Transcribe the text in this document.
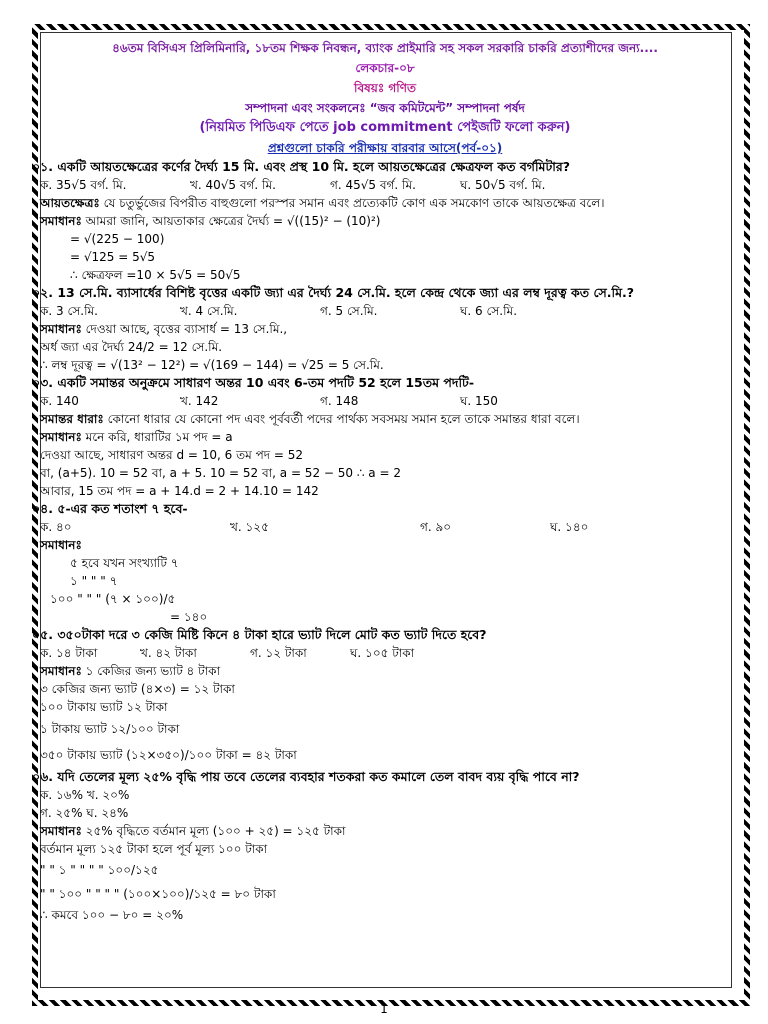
৪৬তম বিসিএস প্রিলিমিনারি, ১৮তম শিক্ষক নিবন্ধন, ব্যাংক প্রাইমারি সহ সকল সরকারি চাকরি প্রত্যাশীদের জন্য....
লেকচার-০৮
বিষয়ঃ গণিত
সম্পাদনা এবং সংকলনেঃ “জব কমিটমেন্ট” সম্পাদনা পর্ষদ
(নিয়মিত পিডিএফ পেতে job commitment পেইজটি ফলো করুন)
প্রশ্নগুলো চাকরি পরীক্ষায় বারবার আসে(পর্ব-০১)
০১. একটি আয়তক্ষেত্রের কর্ণের দৈর্ঘ্য 15 মি. এবং প্রস্থ 10 মি. হলে আয়তক্ষেত্রের ক্ষেত্রফল কত বর্গমিটার?
ক. 35√5 বর্গ. মি.	খ. 40√5 বর্গ. মি.	গ. 45√5 বর্গ. মি.	ঘ. 50√5 বর্গ. মি.
আয়তক্ষেত্রঃ যে চতুর্ভুজের বিপরীত বাহুগুলো পরস্পর সমান এবং প্রত্যেকটি কোণ এক সমকোণ তাকে আয়তক্ষেত্র বলে।
সমাধানঃ আমরা জানি, আয়তাকার ক্ষেত্রের দৈর্ঘ্য = √((15)² − (10)²)
= √(225 − 100)
= √125 = 5√5
∴ ক্ষেত্রফল =10 × 5√5 = 50√5
০২. 13 সে.মি. ব্যাসার্ধের বিশিষ্ট বৃত্তের একটি জ্যা এর দৈর্ঘ্য 24 সে.মি. হলে কেন্দ্র থেকে জ্যা এর লম্ব দূরত্ব কত সে.মি.?
ক. 3 সে.মি.	খ. 4 সে.মি.	গ. 5 সে.মি.	ঘ. 6 সে.মি.
সমাধানঃ দেওয়া আছে, বৃত্তের ব্যাসার্ধ = 13 সে.মি.,
অর্ধ জ্যা এর দৈর্ঘ্য 24/2 = 12 সে.মি.
∴ লম্ব দূরত্ব = √(13² − 12²) = √(169 − 144) = √25 = 5 সে.মি.
০৩. একটি সমান্তর অনুক্রমে সাধারণ অন্তর 10 এবং 6-তম পদটি 52 হলে 15তম পদটি-
ক. 140	খ. 142	গ. 148	ঘ. 150
সমান্তর ধারাঃ কোনো ধারার যে কোনো পদ এবং পূর্ববর্তী পদের পার্থক্য সবসময় সমান হলে তাকে সমান্তর ধারা বলে।
সমাধানঃ মনে করি, ধারাটির ১ম পদ = a
দেওয়া আছে, সাধারণ অন্তর d = 10, 6 তম পদ = 52
বা, (a+5). 10 = 52 বা, a + 5. 10 = 52 বা, a = 52 − 50 ∴ a = 2
আবার, 15 তম পদ = a + 14.d = 2 + 14.10 = 142
০৪. ৫-এর কত শতাংশ ৭ হবে-
ক. ৪০	খ. ১২৫	গ. ৯০	ঘ. ১৪০
সমাধানঃ
৫ হবে যখন সংখ্যাটি ৭
১ " " " ৭
১০০ " " " (৭ × ১০০)/৫
= ১৪০
০৫. ৩৫০টাকা দরে ৩ কেজি মিষ্টি কিনে ৪ টাকা হারে ভ্যাট দিলে মোট কত ভ্যাট দিতে হবে?
ক. ১৪ টাকা	খ. ৪২ টাকা	গ. ১২ টাকা	ঘ. ১০৫ টাকা
সমাধানঃ ১ কেজির জন্য ভ্যাট ৪ টাকা
৩ কেজির জন্য ভ্যাট (৪×৩) = ১২ টাকা
১০০ টাকায় ভ্যাট ১২ টাকা
১ টাকায় ভ্যাট ১২/১০০ টাকা
৩৫০ টাকায় ভ্যাট (১২×৩৫০)/১০০ টাকা = ৪২ টাকা
০৬. যদি তেলের মূল্য ২৫% বৃদ্ধি পায় তবে তেলের ব্যবহার শতকরা কত কমালে তেল বাবদ ব্যয় বৃদ্ধি পাবে না?
ক. ১৬% খ. ২০%
গ. ২৫% ঘ. ২৪%
সমাধানঃ ২৫% বৃদ্ধিতে বর্তমান মূল্য (১০০ + ২৫) = ১২৫ টাকা
বর্তমান মূল্য ১২৫ টাকা হলে পূর্ব মূল্য ১০০ টাকা
" " ১ " " " " ১০০/১২৫
" " ১০০ " " " " (১০০×১০০)/১২৫ = ৮০ টাকা
∴ কমবে ১০০ − ৮০ = ২০%
1
